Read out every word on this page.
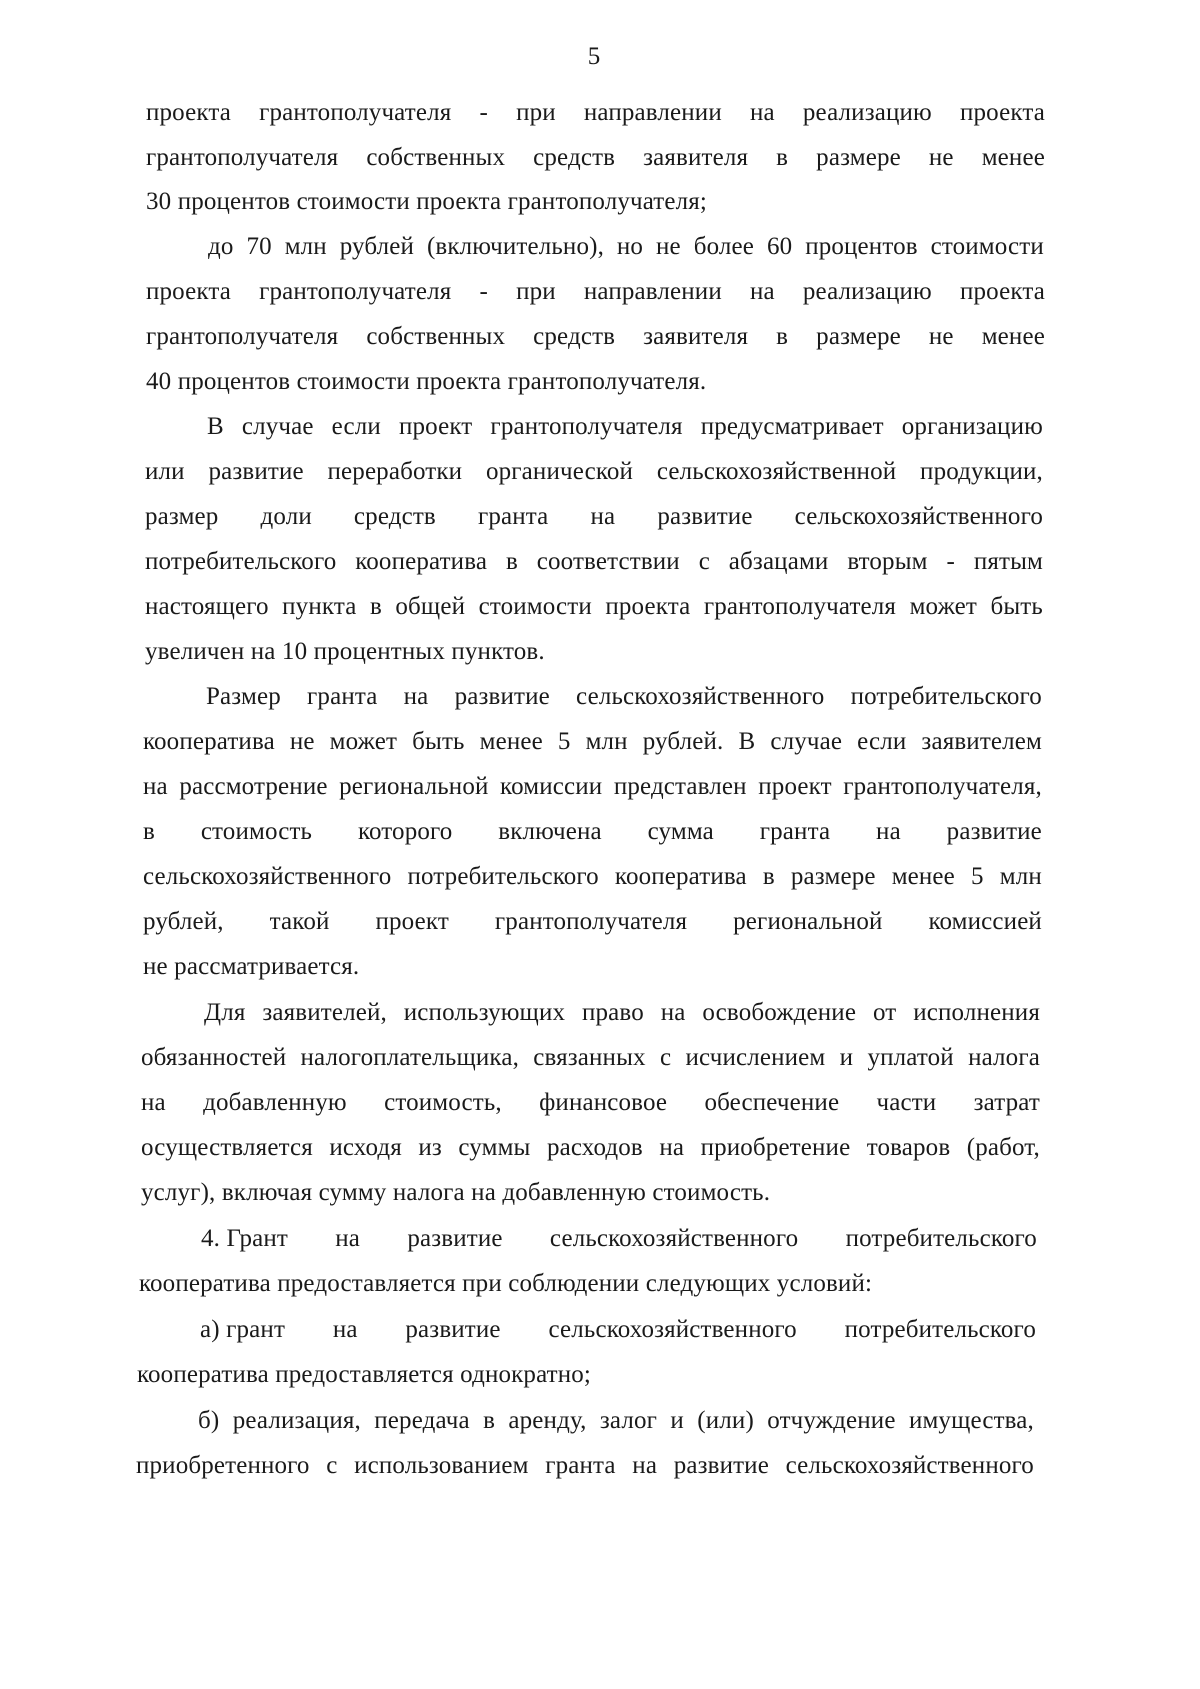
5
проекта грантополучателя - при направлении на реализацию проекта
грантополучателя собственных средств заявителя в размере не менее
30 процентов стоимости проекта грантополучателя;
до 70 млн рублей (включительно), но не более 60 процентов стоимости
проекта грантополучателя - при направлении на реализацию проекта
грантополучателя собственных средств заявителя в размере не менее
40 процентов стоимости проекта грантополучателя.
В случае если проект грантополучателя предусматривает организацию
или развитие переработки органической сельскохозяйственной продукции,
размер доли средств гранта на развитие сельскохозяйственного
потребительского кооператива в соответствии с абзацами вторым - пятым
настоящего пункта в общей стоимости проекта грантополучателя может быть
увеличен на 10 процентных пунктов.
Размер гранта на развитие сельскохозяйственного потребительского
кооператива не может быть менее 5 млн рублей. В случае если заявителем
на рассмотрение региональной комиссии представлен проект грантополучателя,
в стоимость которого включена сумма гранта на развитие
сельскохозяйственного потребительского кооператива в размере менее 5 млн
рублей, такой проект грантополучателя региональной комиссией
не рассматривается.
Для заявителей, использующих право на освобождение от исполнения
обязанностей налогоплательщика, связанных с исчислением и уплатой налога
на добавленную стоимость, финансовое обеспечение части затрат
осуществляется исходя из суммы расходов на приобретение товаров (работ,
услуг), включая сумму налога на добавленную стоимость.
4. Грант на развитие сельскохозяйственного потребительского
кооператива предоставляется при соблюдении следующих условий:
а) грант на развитие сельскохозяйственного потребительского
кооператива предоставляется однократно;
б) реализация, передача в аренду, залог и (или) отчуждение имущества,
приобретенного с использованием гранта на развитие сельскохозяйственного
